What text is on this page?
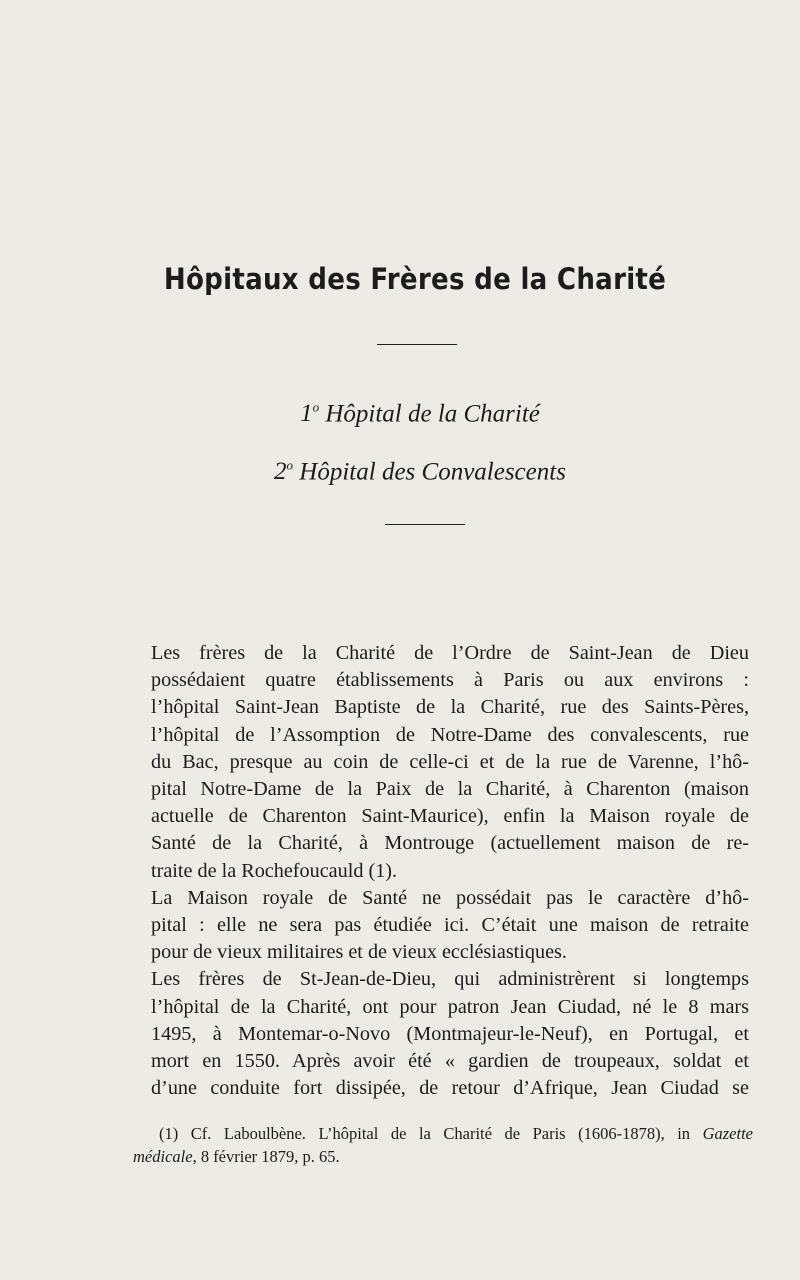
Hôpitaux des Frères de la Charité
1$^o$ Hôpital de la Charité
2$^o$ Hôpital des Convalescents

Les frères de la Charité de l’Ordre de Saint-Jean de Dieu
possédaient quatre établissements à Paris ou aux environs :
l’hôpital Saint-Jean Baptiste de la Charité, rue des Saints-Pères,
l’hôpital de l’Assomption de Notre-Dame des convalescents, rue
du Bac, presque au coin de celle-ci et de la rue de Varenne, l’hô-
pital Notre-Dame de la Paix de la Charité, à Charenton (maison
actuelle de Charenton Saint-Maurice), enfin la Maison royale de
Santé de la Charité, à Montrouge (actuellement maison de re-
traite de la Rochefoucauld (1).

La Maison royale de Santé ne possédait pas le caractère d’hô-
pital : elle ne sera pas étudiée ici. C’était une maison de retraite
pour de vieux militaires et de vieux ecclésiastiques.

Les frères de St-Jean-de-Dieu, qui administrèrent si longtemps
l’hôpital de la Charité, ont pour patron Jean Ciudad, né le 8 mars
1495, à Montemar-o-Novo (Montmajeur-le-Neuf), en Portugal, et
mort en 1550. Après avoir été « gardien de troupeaux, soldat et
d’une conduite fort dissipée, de retour d’Afrique, Jean Ciudad se

(1) Cf. Laboulbène. L’hôpital de la Charité de Paris (1606-1878), in Gazette
médicale, 8 février 1879, p. 65.
